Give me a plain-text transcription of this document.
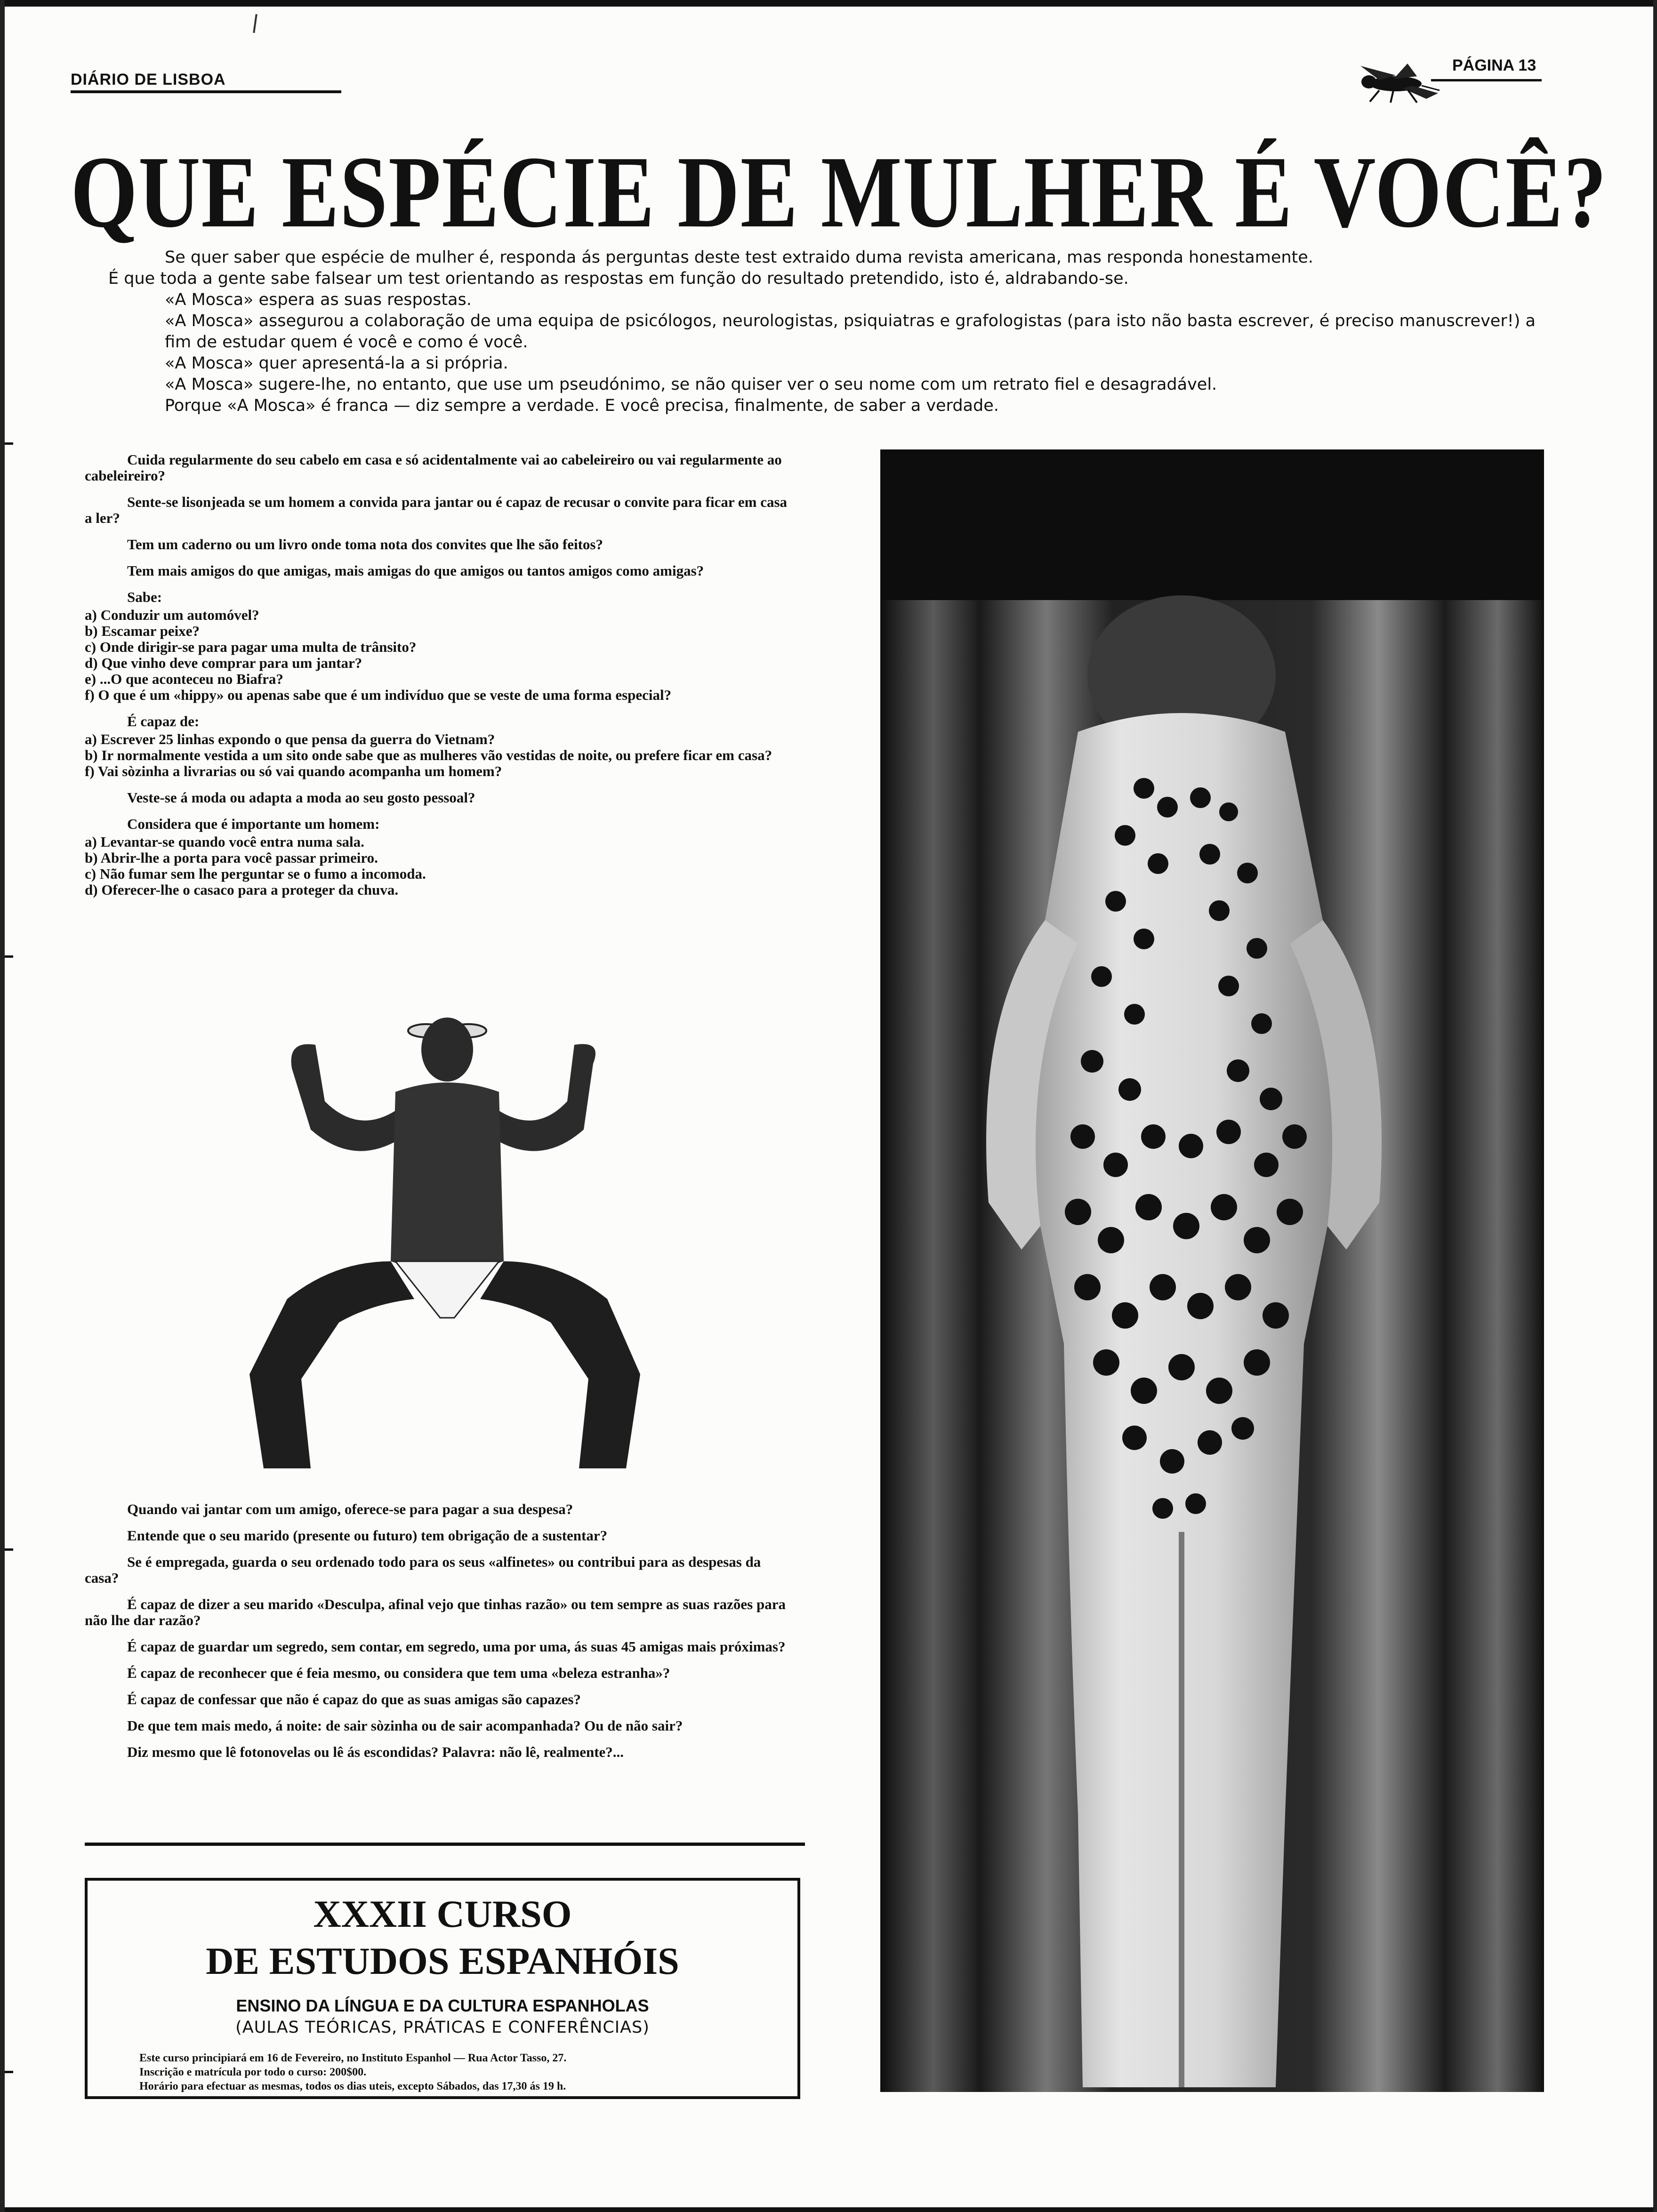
DIÁRIO DE LISBOA
PÁGINA 13
QUE ESPÉCIE DE MULHER É VOCÊ?

Se quer saber que espécie de mulher é, responda ás perguntas deste test extraido duma revista americana, mas responda honestamente.

É que toda a gente sabe falsear um test orientando as respostas em função do resultado pretendido, isto é, aldrabando-se.

«A Mosca» espera as suas respostas.

«A Mosca» assegurou a colaboração de uma equipa de psicólogos, neurologistas, psiquiatras e grafologistas (para isto não basta escrever, é preciso manuscrever!) a fim de estudar quem é você e como é você.

«A Mosca» quer apresentá-la a si própria.

«A Mosca» sugere-lhe, no entanto, que use um pseudónimo, se não quiser ver o seu nome com um retrato fiel e desagradável.

Porque «A Mosca» é franca — diz sempre a verdade. E você precisa, finalmente, de saber a verdade.

Cuida regularmente do seu cabelo em casa e só acidentalmente vai ao cabeleireiro ou vai regularmente ao cabeleireiro?

Sente-se lisonjeada se um homem a convida para jantar ou é capaz de recusar o convite para ficar em casa a ler?

Tem um caderno ou um livro onde toma nota dos convites que lhe são feitos?

Tem mais amigos do que amigas, mais amigas do que amigos ou tantos amigos como amigas?

Sabe:

a) Conduzir um automóvel?
b) Escamar peixe?
c) Onde dirigir-se para pagar uma multa de trânsito?
d) Que vinho deve comprar para um jantar?
e) ...O que aconteceu no Biafra?
f) O que é um «hippy» ou apenas sabe que é um indivíduo que se veste de uma forma especial?

É capaz de:

a) Escrever 25 linhas expondo o que pensa da guerra do Vietnam?
b) Ir normalmente vestida a um sito onde sabe que as mulheres vão vestidas de noite, ou prefere ficar em casa?
f) Vai sòzinha a livrarias ou só vai quando acompanha um homem?

Veste-se á moda ou adapta a moda ao seu gosto pessoal?

Considera que é importante um homem:

a) Levantar-se quando você entra numa sala.
b) Abrir-lhe a porta para você passar primeiro.
c) Não fumar sem lhe perguntar se o fumo a incomoda.
d) Oferecer-lhe o casaco para a proteger da chuva.

Quando vai jantar com um amigo, oferece-se para pagar a sua despesa?

Entende que o seu marido (presente ou futuro) tem obrigação de a sustentar?

Se é empregada, guarda o seu ordenado todo para os seus «alfinetes» ou contribui para as despesas da casa?

É capaz de dizer a seu marido «Desculpa, afinal vejo que tinhas razão» ou tem sempre as suas razões para não lhe dar razão?

É capaz de guardar um segredo, sem contar, em segredo, uma por uma, ás suas 45 amigas mais próximas?

É capaz de reconhecer que é feia mesmo, ou considera que tem uma «beleza estranha»?

É capaz de confessar que não é capaz do que as suas amigas são capazes?

De que tem mais medo, á noite: de sair sòzinha ou de sair acompanhada? Ou de não sair?

Diz mesmo que lê fotonovelas ou lê ás escondidas? Palavra: não lê, realmente?...

XXXII CURSO
DE ESTUDOS ESPANHÓIS
ENSINO DA LÍNGUA E DA CULTURA ESPANHOLAS
(AULAS TEÓRICAS, PRÁTICAS E CONFERÊNCIAS)
Este curso principiará em 16 de Fevereiro, no Instituto Espanhol — Rua Actor Tasso, 27.
Inscrição e matrícula por todo o curso: 200$00.
Horário para efectuar as mesmas, todos os dias uteis, excepto Sábados, das 17,30 ás 19 h.
